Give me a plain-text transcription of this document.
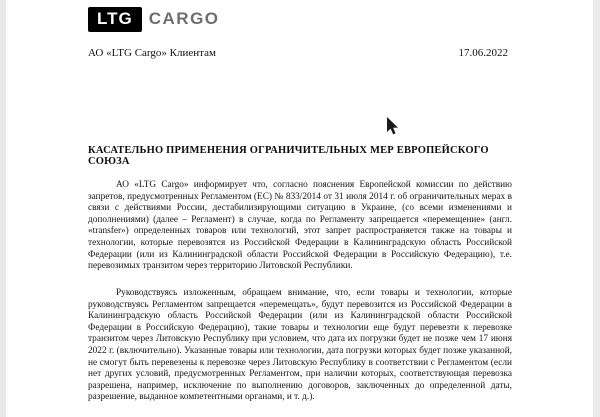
LTG CARGO
АО «LTG Cargo» Клиентам	17.06.2022
КАСАТЕЛЬНО ПРИМЕНЕНИЯ ОГРАНИЧИТЕЛЬНЫХ МЕР ЕВРОПЕЙСКОГО СОЮЗА

АО «LTG Cargo» информирует что, согласно пояснения Европейской комиссии по действию запретов, предусмотренных Регламентом (ЕС) № 833/2014 от 31 июля 2014 г. об ограничительных мерах в связи с действиями России, дестабилизирующими ситуацию в Украине, (со всеми изменениями и дополнениями) (далее – Регламент) в случае, когда по Регламенту запрещается «перемещение» (англ. «transfer») определенных товаров или технологий, этот запрет распространяется также на товары и технологии, которые перевозятся из Российской Федерации в Калининградскую область Российской Федерации (или из Калининградской области Российской Федерации в Российскую Федерацию), т.е. перевозимых транзитом через территорию Литовской Республики.

Руководствуясь изложенным, обращаем внимание, что, если товары и технологии, которые руководствуясь Регламентом запрещается «перемещать», будут перевозится из Российской Федерации в Калининградскую область Российской Федерации (или из Калининградской области Российской Федерации в Российскую Федерацию), такие товары и технологии еще будут перевезти к перевозке транзитом через Литовскую Республику при условием, что дата их погрузки будет не позже чем 17 июня 2022 г. (включительно). Указанные товары или технологии, дата погрузки которых будет позже указанной, не смогут быть перевезены к перевозке через Литовскую Республику в соответствии с Регламентом (если нет других условий, предусмотренных Регламентом, при наличии которых, соответствующая перевозка разрешена, например, исключение по выполнению договоров, заключенных до определенной даты, разрешение, выданное компетентными органами, и т. д.).
